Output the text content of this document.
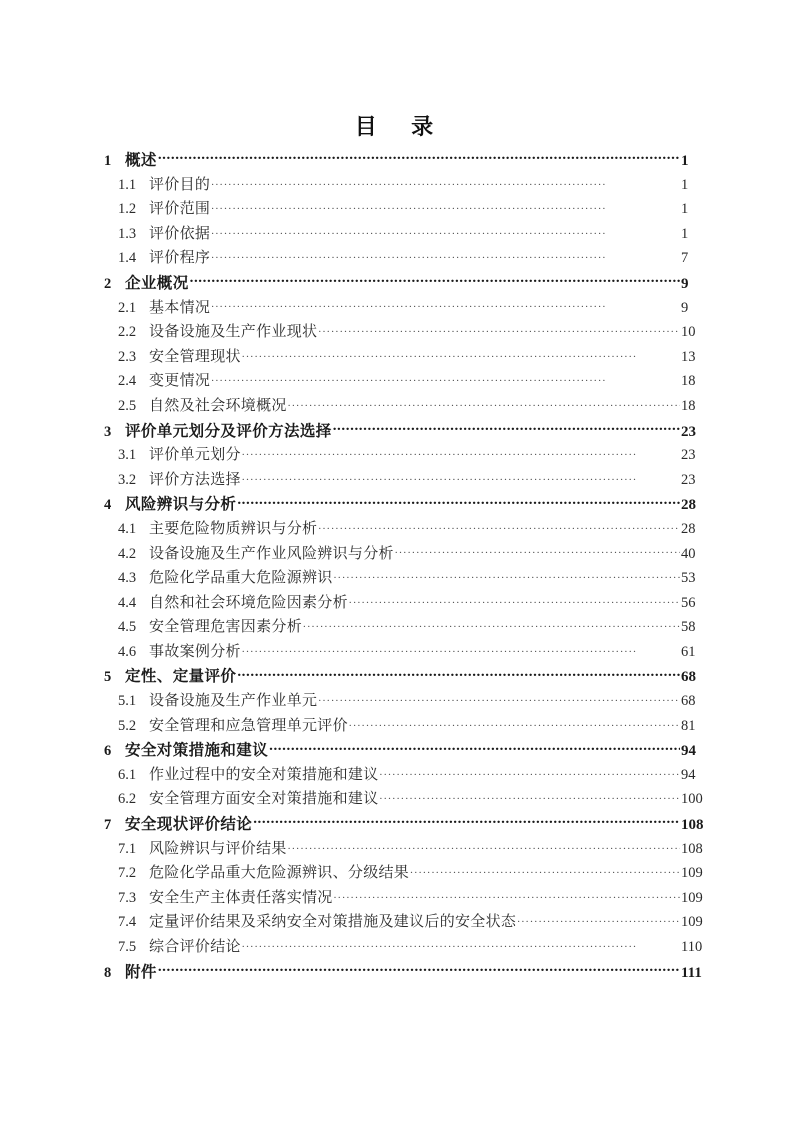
目　录
1 概述 .....	1
1.1 评价目的 . . .	1
1.2 评价范围 . . .	1
1.3 评价依据 . . .	1
1.4 评价程序 . . .	7
2 企业概况 .....	9
2.1 基本情况 . . .	9
2.2 设备设施及生产作业现状 . . .	10
2.3 安全管理现状 . . .	13
2.4 变更情况 . . .	18
2.5 自然及社会环境概况 . . .	18
3 评价单元划分及评价方法选择 .....	23
3.1 评价单元划分 . . .	23
3.2 评价方法选择 . . .	23
4 风险辨识与分析 .....	28
4.1 主要危险物质辨识与分析 . . .	28
4.2 设备设施及生产作业风险辨识与分析 . . .	40
4.3 危险化学品重大危险源辨识 . . .	53
4.4 自然和社会环境危险因素分析 . . .	56
4.5 安全管理危害因素分析 . . .	58
4.6 事故案例分析 . . .	61
5 定性、定量评价 .....	68
5.1 设备设施及生产作业单元 . . .	68
5.2 安全管理和应急管理单元评价 . . .	81
6 安全对策措施和建议 .....	94
6.1 作业过程中的安全对策措施和建议 . . .	94
6.2 安全管理方面安全对策措施和建议 . . .	100
7 安全现状评价结论 .....	108
7.1 风险辨识与评价结果 . . .	108
7.2 危险化学品重大危险源辨识、分级结果 . . .	109
7.3 安全生产主体责任落实情况 . . .	109
7.4 定量评价结果及采纳安全对策措施及建议后的安全状态 . . .	109
7.5 综合评价结论 . . .	110
8 附件 .....	111
